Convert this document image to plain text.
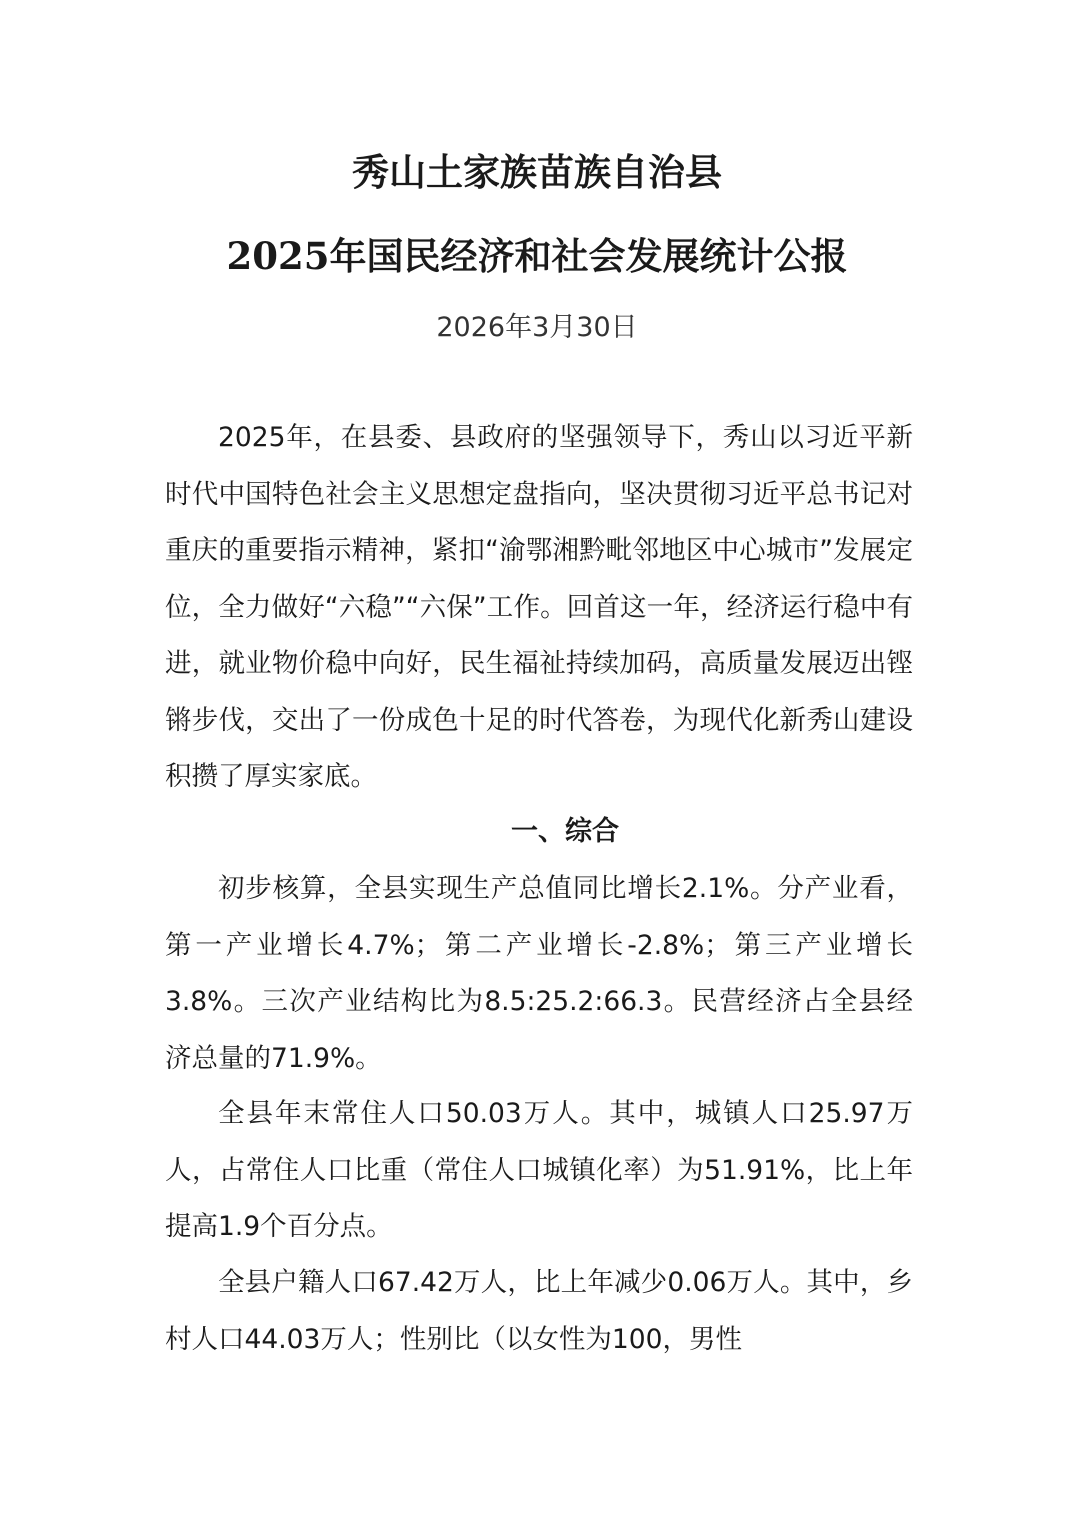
秀山土家族苗族自治县
2025年国民经济和社会发展统计公报
2026年3月30日

2025年，在县委、县政府的坚强领导下，秀山以习近平新时代中国特色社会主义思想定盘指向，坚决贯彻习近平总书记对重庆的重要指示精神，紧扣“渝鄂湘黔毗邻地区中心城市”发展定位，全力做好“六稳”“六保”工作。回首这一年，经济运行稳中有进，就业物价稳中向好，民生福祉持续加码，高质量发展迈出铿锵步伐，交出了一份成色十足的时代答卷，为现代化新秀山建设积攒了厚实家底。

一、综合

初步核算，全县实现生产总值同比增长2.1%。分产业看，第一产业增长4.7%；第二产业增长-2.8%；第三产业增长3.8%。三次产业结构比为8.5:25.2:66.3。民营经济占全县经济总量的71.9%。

全县年末常住人口50.03万人。其中，城镇人口25.97万人，占常住人口比重（常住人口城镇化率）为51.91%，比上年提高1.9个百分点。

全县户籍人口67.42万人，比上年减少0.06万人。其中，乡村人口44.03万人；性别比（以女性为100，男性
